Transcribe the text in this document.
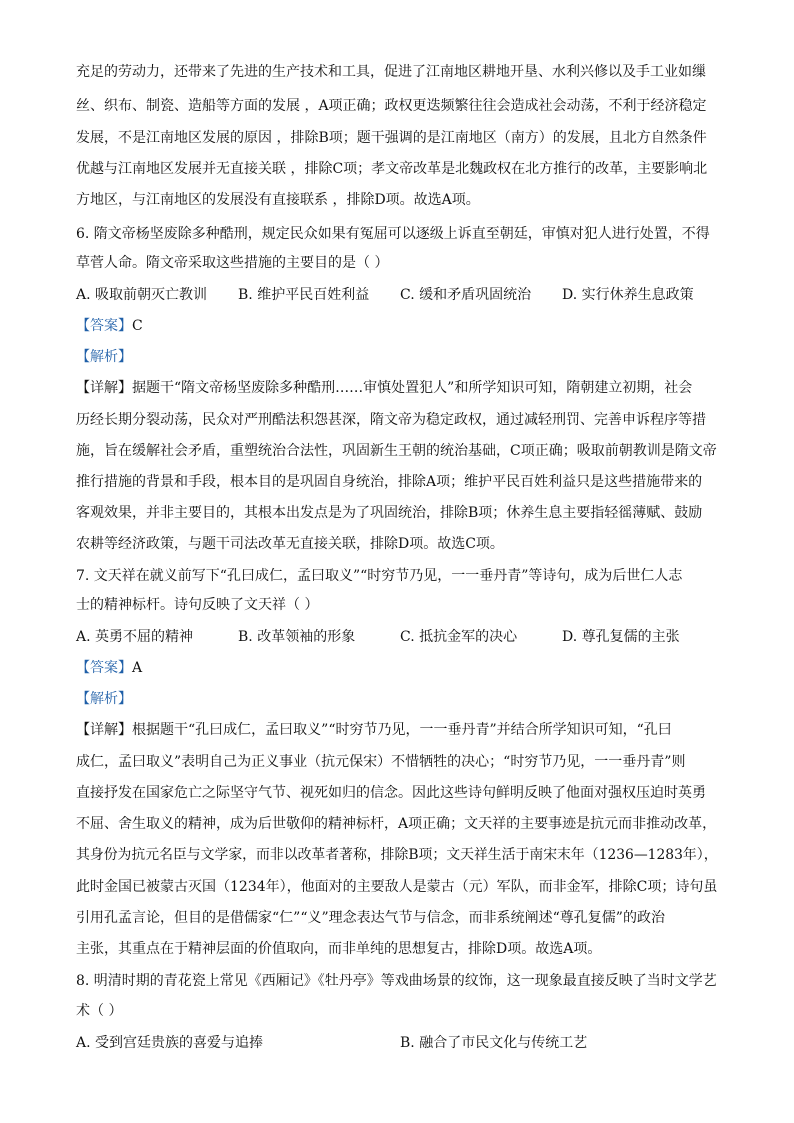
充足的劳动力，还带来了先进的生产技术和工具，促进了江南地区耕地开垦、水利兴修以及手工业如缫
丝、织布、制瓷、造船等方面的发展 ，A项正确；政权更迭频繁往往会造成社会动荡，不利于经济稳定
发展，不是江南地区发展的原因 ，排除B项；题干强调的是江南地区（南方）的发展，且北方自然条件
优越与江南地区发展并无直接关联 ，排除C项；孝文帝改革是北魏政权在北方推行的改革，主要影响北
方地区，与江南地区的发展没有直接联系 ，排除D项。故选A项。
6. 隋文帝杨坚废除多种酷刑，规定民众如果有冤屈可以逐级上诉直至朝廷，审慎对犯人进行处置，不得
草菅人命。隋文帝采取这些措施的主要目的是（ ）
A. 吸取前朝灭亡教训 B. 维护平民百姓利益 C. 缓和矛盾巩固统治 D. 实行休养生息政策
【答案】C
【解析】
【详解】据题干“隋文帝杨坚废除多种酷刑……审慎处置犯人”和所学知识可知，隋朝建立初期，社会
历经长期分裂动荡，民众对严刑酷法积怨甚深，隋文帝为稳定政权，通过减轻刑罚、完善申诉程序等措
施，旨在缓解社会矛盾，重塑统治合法性，巩固新生王朝的统治基础，C项正确；吸取前朝教训是隋文帝
推行措施的背景和手段，根本目的是巩固自身统治，排除A项；维护平民百姓利益只是这些措施带来的
客观效果，并非主要目的，其根本出发点是为了巩固统治，排除B项；休养生息主要指轻徭薄赋、鼓励
农耕等经济政策，与题干司法改革无直接关联，排除D项。故选C项。
7. 文天祥在就义前写下“孔曰成仁，孟曰取义”“时穷节乃见，一一垂丹青”等诗句，成为后世仁人志
士的精神标杆。诗句反映了文天祥（ ）
A. 英勇不屈的精神	B. 改革领袖的形象	C. 抵抗金军的决心	D. 尊孔复儒的主张
【答案】A
【解析】
【详解】根据题干“孔曰成仁，孟曰取义”“时穷节乃见，一一垂丹青”并结合所学知识可知，“孔曰
成仁，孟曰取义”表明自己为正义事业（抗元保宋）不惜牺牲的决心；“时穷节乃见，一一垂丹青”则
直接抒发在国家危亡之际坚守气节、视死如归的信念。因此这些诗句鲜明反映了他面对强权压迫时英勇
不屈、舍生取义的精神，成为后世敬仰的精神标杆，A项正确；文天祥的主要事迹是抗元而非推动改革，
其身份为抗元名臣与文学家，而非以改革者著称，排除B项；文天祥生活于南宋末年（1236—1283年），
此时金国已被蒙古灭国（1234年），他面对的主要敌人是蒙古（元）军队，而非金军，排除C项；诗句虽
引用孔孟言论，但目的是借儒家“仁”“义”理念表达气节与信念，而非系统阐述“尊孔复儒”的政治
主张，其重点在于精神层面的价值取向，而非单纯的思想复古，排除D项。故选A项。
8. 明清时期的青花瓷上常见《西厢记》《牡丹亭》等戏曲场景的纹饰，这一现象最直接反映了当时文学艺
术（ ）
A. 受到宫廷贵族的喜爱与追捧	B. 融合了市民文化与传统工艺
